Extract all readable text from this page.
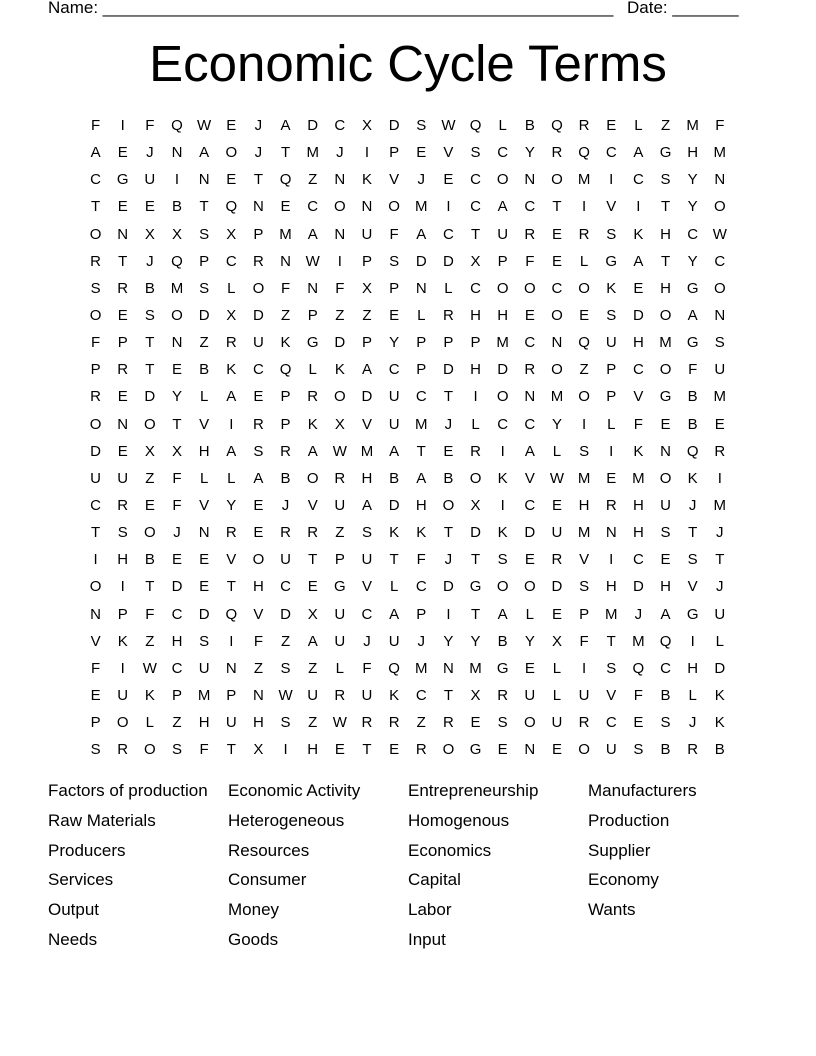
Name: ______________________________________________________ Date: _______
Economic Cycle Terms
F	I	F	Q W	E	J	A	D	C	X	D	S	W Q	L	B	Q	R	E	L	Z	M	F
A	E	J	N	A	O	J	T	M	J	I	P	E	V	S	C	Y	R	Q	C	A	G	H	M
C	G	U	I	N	E	T	Q	Z	N	K	V	J	E	C	O	N	O	M	I	C	S	Y	N
T	E	E	B	T	Q	N	E	C	O	N	O	M	I	C	A	C	T	I	V	I	T	Y	O
O	N	X	X	S	X	P	M	A	N	U	F	A	C	T	U	R	E	R	S	K	H	C W
R	T	J	Q	P	C	R	N W	I	P	S	D	D	X	P	F	E	L	G	A	T	Y	C
S	R	B	M	S	L	O	F	N	F	X	P	N	L	C	O	O	C	O	K	E	H	G	O
O	E	S	O	D	X	D	Z	P	Z	Z	E	L	R	H	H	E	O	E	S	D	O	A	N
F	P	T	N	Z	R	U	K	G	D	P	Y	P	P	P	M	C	N	Q	U	H	M	G	S
P	R	T	E	B	K	C	Q	L	K	A	C	P	D	H	D	R	O	Z	P	C	O	F	U
R	E	D	Y	L	A	E	P	R	O	D	U	C	T	I	O	N	M	O	P	V	G	B	M
O	N	O	T	V	I	R	P	K	X	V	U	M	J	L	C	C	Y	I	L	F	E	B	E
D	E	X	X	H	A	S	R	A	W M	A	T	E	R	I	A	L	S	I	K	N	Q	R
U	U	Z	F	L	L	A	B	O	R	H	B	A	B	O	K	V	W M	E	M	O	K	I
C	R	E	F	V	Y	E	J	V	U	A	D	H	O	X	I	C	E	H	R	H	U	J	M
T	S	O	J	N	R	E	R	R	Z	S	K	K	T	D	K	D	U	M	N	H	S	T	J
I	H	B	E	E	V	O	U	T	P	U	T	F	J	T	S	E	R	V	I	C	E	S	T
O	I	T	D	E	T	H	C	E	G	V	L	C	D	G	O	O	D	S	H	D	H	V	J
N	P	F	C	D	Q	V	D	X	U	C	A	P	I	T	A	L	E	P	M	J	A	G	U
V	K	Z	H	S	I	F	Z	A	U	J	U	J	Y	Y	B	Y	X	F	T	M	Q	I	L
F	I	W C	U	N	Z	S	Z	L	F	Q	M	N	M	G	E	L	I	S	Q	C	H	D
E	U	K	P	M	P	N W U	R	U	K	C	T	X	R	U	L	U	V	F	B	L	K
P	O	L	Z	H	U	H	S	Z	W R	R	Z	R	E	S	O	U	R	C	E	S	J	K
S	R	O	S	F	T	X	I	H	E	T	E	R	O	G	E	N	E	O	U	S	B	R	B
Factors of production	Economic Activity	Entrepreneurship	Manufacturers
Raw Materials	Heterogeneous	Homogenous	Production
Producers	Resources	Economics	Supplier
Services	Consumer	Capital	Economy
Output	Money	Labor	Wants
Needs	Goods	Input
